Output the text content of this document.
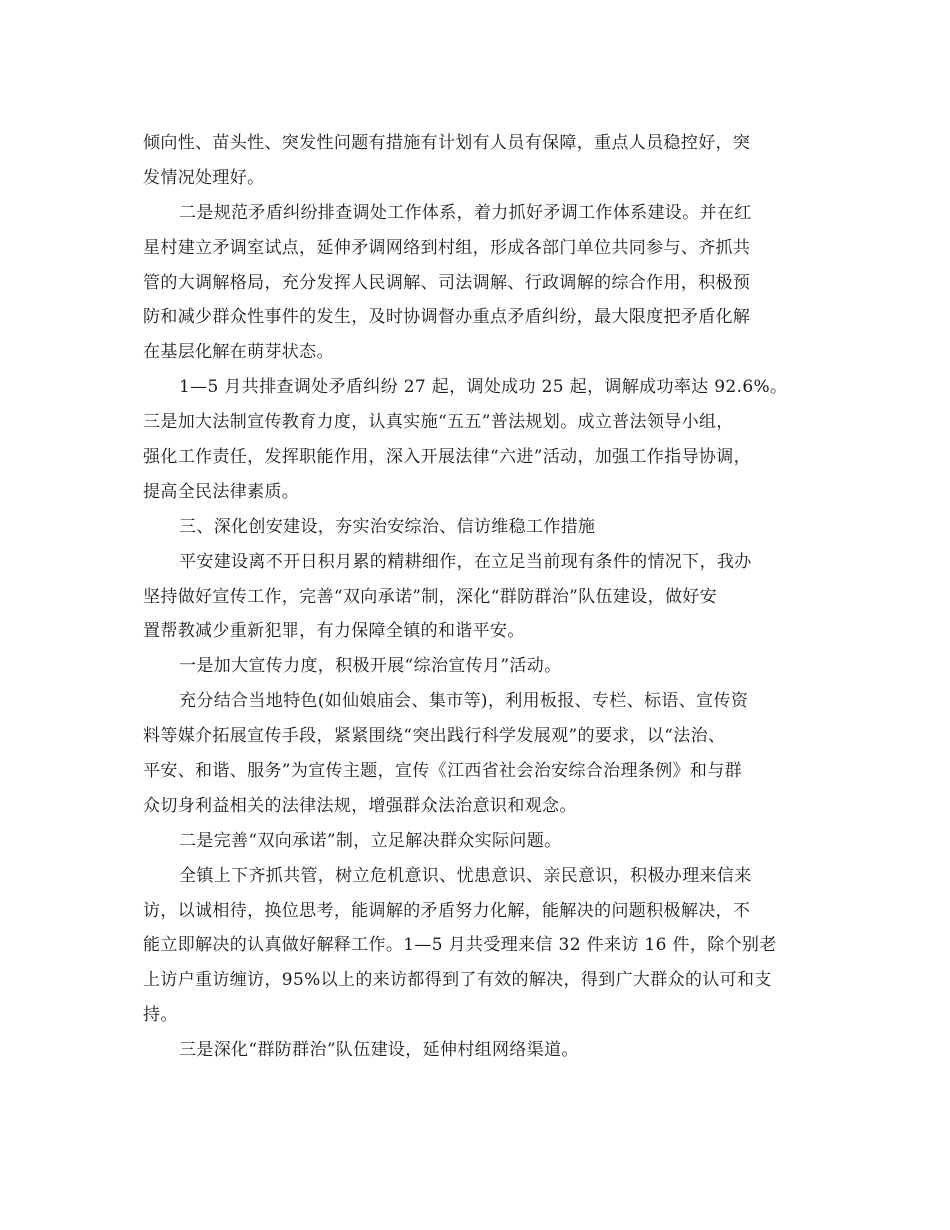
倾向性、苗头性、突发性问题有措施有计划有人员有保障，重点人员稳控好，突
发情况处理好。
二是规范矛盾纠纷排查调处工作体系，着力抓好矛调工作体系建设。并在红
星村建立矛调室试点，延伸矛调网络到村组，形成各部门单位共同参与、齐抓共
管的大调解格局，充分发挥人民调解、司法调解、行政调解的综合作用，积极预
防和减少群众性事件的发生，及时协调督办重点矛盾纠纷，最大限度把矛盾化解
在基层化解在萌芽状态。
1—5 月共排查调处矛盾纠纷 27 起，调处成功 25 起，调解成功率达 92.6%。
三是加大法制宣传教育力度，认真实施“五五”普法规划。成立普法领导小组，
强化工作责任，发挥职能作用，深入开展法律“六进”活动，加强工作指导协调，
提高全民法律素质。
三、深化创安建设，夯实治安综治、信访维稳工作措施
平安建设离不开日积月累的精耕细作，在立足当前现有条件的情况下，我办
坚持做好宣传工作，完善“双向承诺”制，深化“群防群治”队伍建设，做好安
置帮教减少重新犯罪，有力保障全镇的和谐平安。
一是加大宣传力度，积极开展“综治宣传月”活动。
充分结合当地特色(如仙娘庙会、集市等)，利用板报、专栏、标语、宣传资
料等媒介拓展宣传手段，紧紧围绕“突出践行科学发展观”的要求，以“法治、
平安、和谐、服务”为宣传主题，宣传《江西省社会治安综合治理条例》和与群
众切身利益相关的法律法规，增强群众法治意识和观念。
二是完善“双向承诺”制，立足解决群众实际问题。
全镇上下齐抓共管，树立危机意识、忧患意识、亲民意识，积极办理来信来
访，以诚相待，换位思考，能调解的矛盾努力化解，能解决的问题积极解决，不
能立即解决的认真做好解释工作。1—5 月共受理来信 32 件来访 16 件，除个别老
上访户重访缠访，95%以上的来访都得到了有效的解决，得到广大群众的认可和支
持。
三是深化“群防群治”队伍建设，延伸村组网络渠道。
